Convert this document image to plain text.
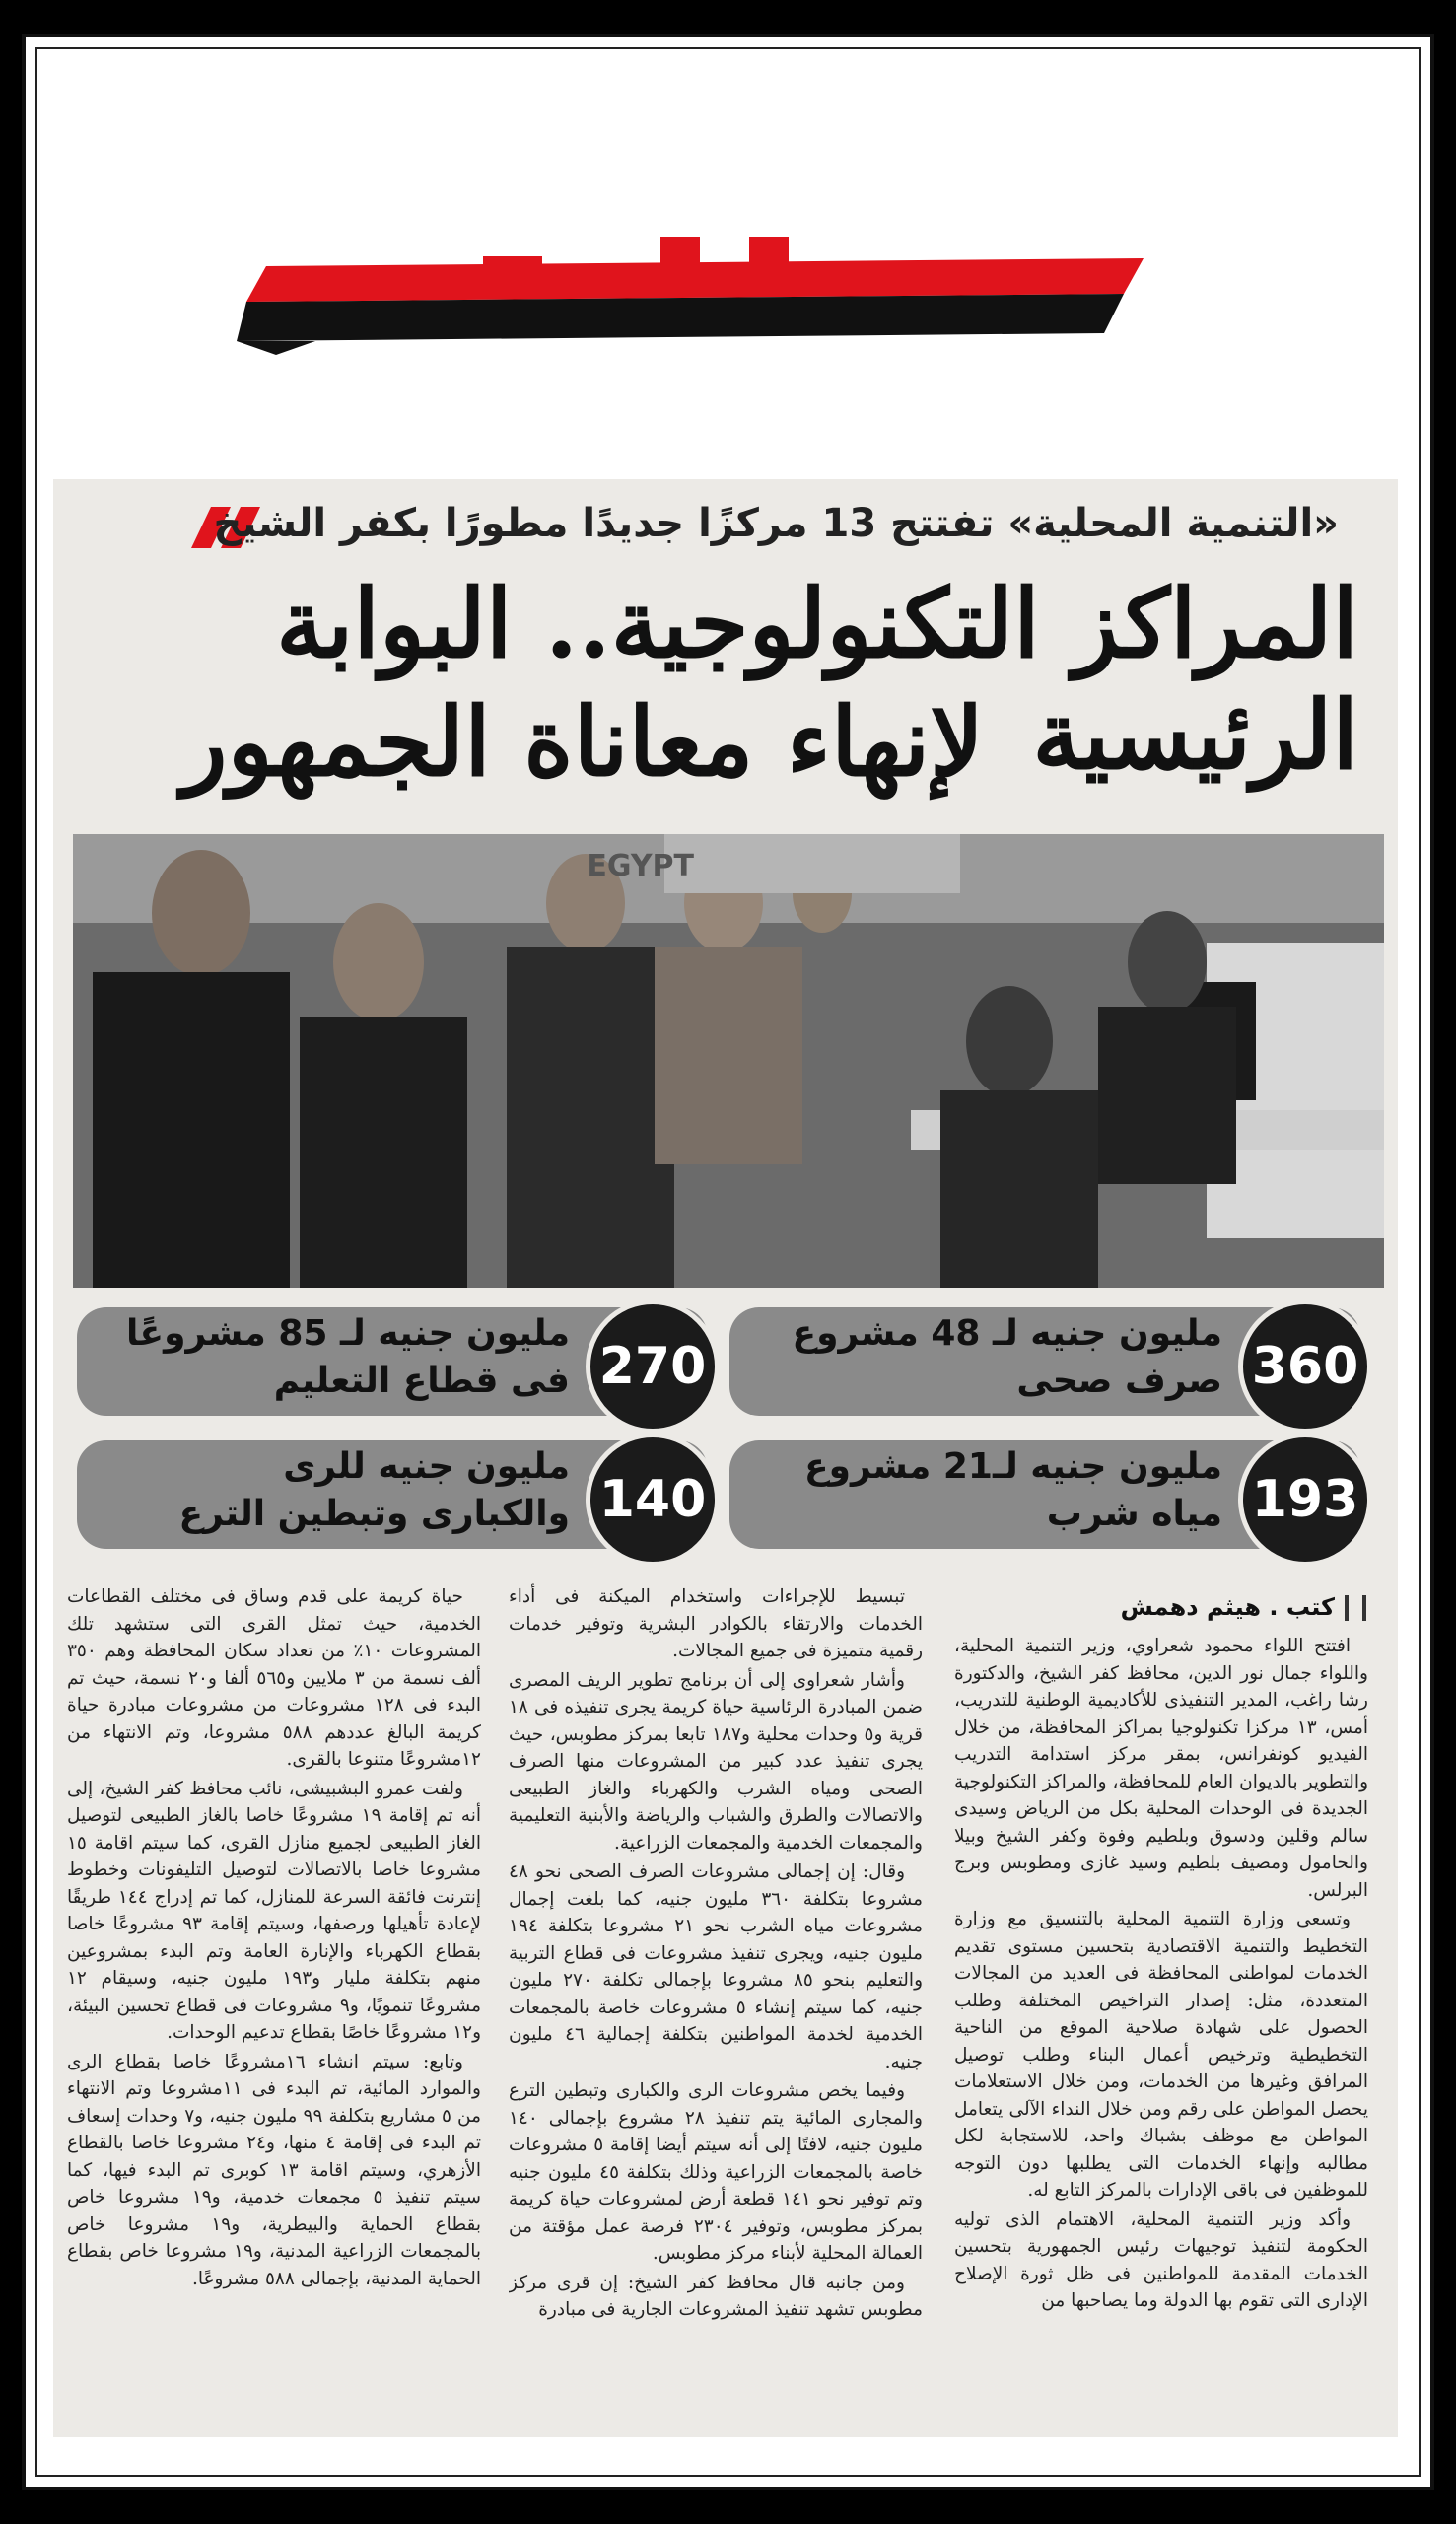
«التنمية المحلية» تفتتح 13 مركزًا جديدًا مطورًا بكفر الشيخ
المراكز التكنولوجية.. البوابة الرئيسية
لإنهاء معاناة الجمهور
EGYPT
360
مليون جنيه لـ 48 مشروع
صرف صحى
270
مليون جنيه لـ 85 مشروعًا
فى قطاع التعليم
193
مليون جنيه لـ21 مشروع
مياه شرب
140
مليون جنيه للرى
والكبارى وتبطين الترع
كتب . هيثم دهمش

افتتح اللواء محمود شعراوي، وزير التنمية المحلية، واللواء جمال نور الدين، محافظ كفر الشيخ، والدكتورة رشا راغب، المدير التنفيذى للأكاديمية الوطنية للتدريب، أمس، ١٣ مركزا تكنولوجيا بمراكز المحافظة، من خلال الفيديو كونفرانس، بمقر مركز استدامة التدريب والتطوير بالديوان العام للمحافظة، والمراكز التكنولوجية الجديدة فى الوحدات المحلية بكل من الرياض وسيدى سالم وقلين ودسوق وبلطيم وفوة وكفر الشيخ وبيلا والحامول ومصيف بلطيم وسيد غازى ومطوبس وبرج البرلس.

وتسعى وزارة التنمية المحلية بالتنسيق مع وزارة التخطيط والتنمية الاقتصادية بتحسين مستوى تقديم الخدمات لمواطنى المحافظة فى العديد من المجالات المتعددة، مثل: إصدار التراخيص المختلفة وطلب الحصول على شهادة صلاحية الموقع من الناحية التخطيطية وترخيص أعمال البناء وطلب توصيل المرافق وغيرها من الخدمات، ومن خلال الاستعلامات يحصل المواطن على رقم ومن خلال النداء الآلى يتعامل المواطن مع موظف بشباك واحد، للاستجابة لكل مطالبه وإنهاء الخدمات التى يطلبها دون التوجه للموظفين فى باقى الإدارات بالمركز التابع له.

وأكد وزير التنمية المحلية، الاهتمام الذى توليه الحكومة لتنفيذ توجيهات رئيس الجمهورية بتحسين الخدمات المقدمة للمواطنين فى ظل ثورة الإصلاح الإدارى التى تقوم بها الدولة وما يصاحبها من

تبسيط للإجراءات واستخدام الميكنة فى أداء الخدمات والارتقاء بالكوادر البشرية وتوفير خدمات رقمية متميزة فى جميع المجالات.

وأشار شعراوى إلى أن برنامج تطوير الريف المصرى ضمن المبادرة الرئاسية حياة كريمة يجرى تنفيذه فى ١٨ قرية و٥ وحدات محلية و١٨٧ تابعا بمركز مطوبس، حيث يجرى تنفيذ عدد كبير من المشروعات منها الصرف الصحى ومياه الشرب والكهرباء والغاز الطبيعى والاتصالات والطرق والشباب والرياضة والأبنية التعليمية والمجمعات الخدمية والمجمعات الزراعية.

وقال: إن إجمالى مشروعات الصرف الصحى نحو ٤٨ مشروعا بتكلفة ٣٦٠ مليون جنيه، كما بلغت إجمال مشروعات مياه الشرب نحو ٢١ مشروعا بتكلفة ١٩٤ مليون جنيه، ويجرى تنفيذ مشروعات فى قطاع التربية والتعليم بنحو ٨٥ مشروعا بإجمالى تكلفة ٢٧٠ مليون جنيه، كما سيتم إنشاء ٥ مشروعات خاصة بالمجمعات الخدمية لخدمة المواطنين بتكلفة إجمالية ٤٦ مليون جنيه.

وفيما يخص مشروعات الرى والكبارى وتبطين الترع والمجارى المائية يتم تنفيذ ٢٨ مشروع بإجمالى ١٤٠ مليون جنيه، لافتًا إلى أنه سيتم أيضا إقامة ٥ مشروعات خاصة بالمجمعات الزراعية وذلك بتكلفة ٤٥ مليون جنيه وتم توفير نحو ١٤١ قطعة أرض لمشروعات حياة كريمة بمركز مطوبس، وتوفير ٢٣٠٤ فرصة عمل مؤقتة من العمالة المحلية لأبناء مركز مطوبس.

ومن جانبه قال محافظ كفر الشيخ: إن قرى مركز مطوبس تشهد تنفيذ المشروعات الجارية فى مبادرة

حياة كريمة على قدم وساق فى مختلف القطاعات الخدمية، حيث تمثل القرى التى ستشهد تلك المشروعات ١٠٪ من تعداد سكان المحافظة وهم ٣٥٠ ألف نسمة من ٣ ملايين و٥٦٥ ألفا و٢٠ نسمة، حيث تم البدء فى ١٢٨ مشروعات من مشروعات مبادرة حياة كريمة البالغ عددهم ٥٨٨ مشروعا، وتم الانتهاء من ١٢مشروعًا متنوعا بالقرى.

ولفت عمرو البشبيشى، نائب محافظ كفر الشيخ، إلى أنه تم إقامة ١٩ مشروعًا خاصا بالغاز الطبيعى لتوصيل الغاز الطبيعى لجميع منازل القرى، كما سيتم اقامة ١٥ مشروعا خاصا بالاتصالات لتوصيل التليفونات وخطوط إنترنت فائقة السرعة للمنازل، كما تم إدراج ١٤٤ طريقًا لإعادة تأهيلها ورصفها، وسيتم إقامة ٩٣ مشروعًا خاصا بقطاع الكهرباء والإنارة العامة وتم البدء بمشروعين منهم بتكلفة مليار و١٩٣ مليون جنيه، وسيقام ١٢ مشروعًا تنمويًا، و٩ مشروعات فى قطاع تحسين البيئة، و١٢ مشروعًا خاصًا بقطاع تدعيم الوحدات.

وتابع: سيتم انشاء ١٦مشروعًا خاصا بقطاع الرى والموارد المائية، تم البدء فى ١١مشروعا وتم الانتهاء من ٥ مشاريع بتكلفة ٩٩ مليون جنيه، و٧ وحدات إسعاف تم البدء فى إقامة ٤ منها، و٢٤ مشروعا خاصا بالقطاع الأزهري، وسيتم اقامة ١٣ كوبرى تم البدء فيها، كما سيتم تنفيذ ٥ مجمعات خدمية، و١٩ مشروعا خاص بقطاع الحماية والبيطرية، و١٩ مشروعا خاص بالمجمعات الزراعية المدنية، و١٩ مشروعا خاص بقطاع الحماية المدنية، بإجمالى ٥٨٨ مشروعًا.
